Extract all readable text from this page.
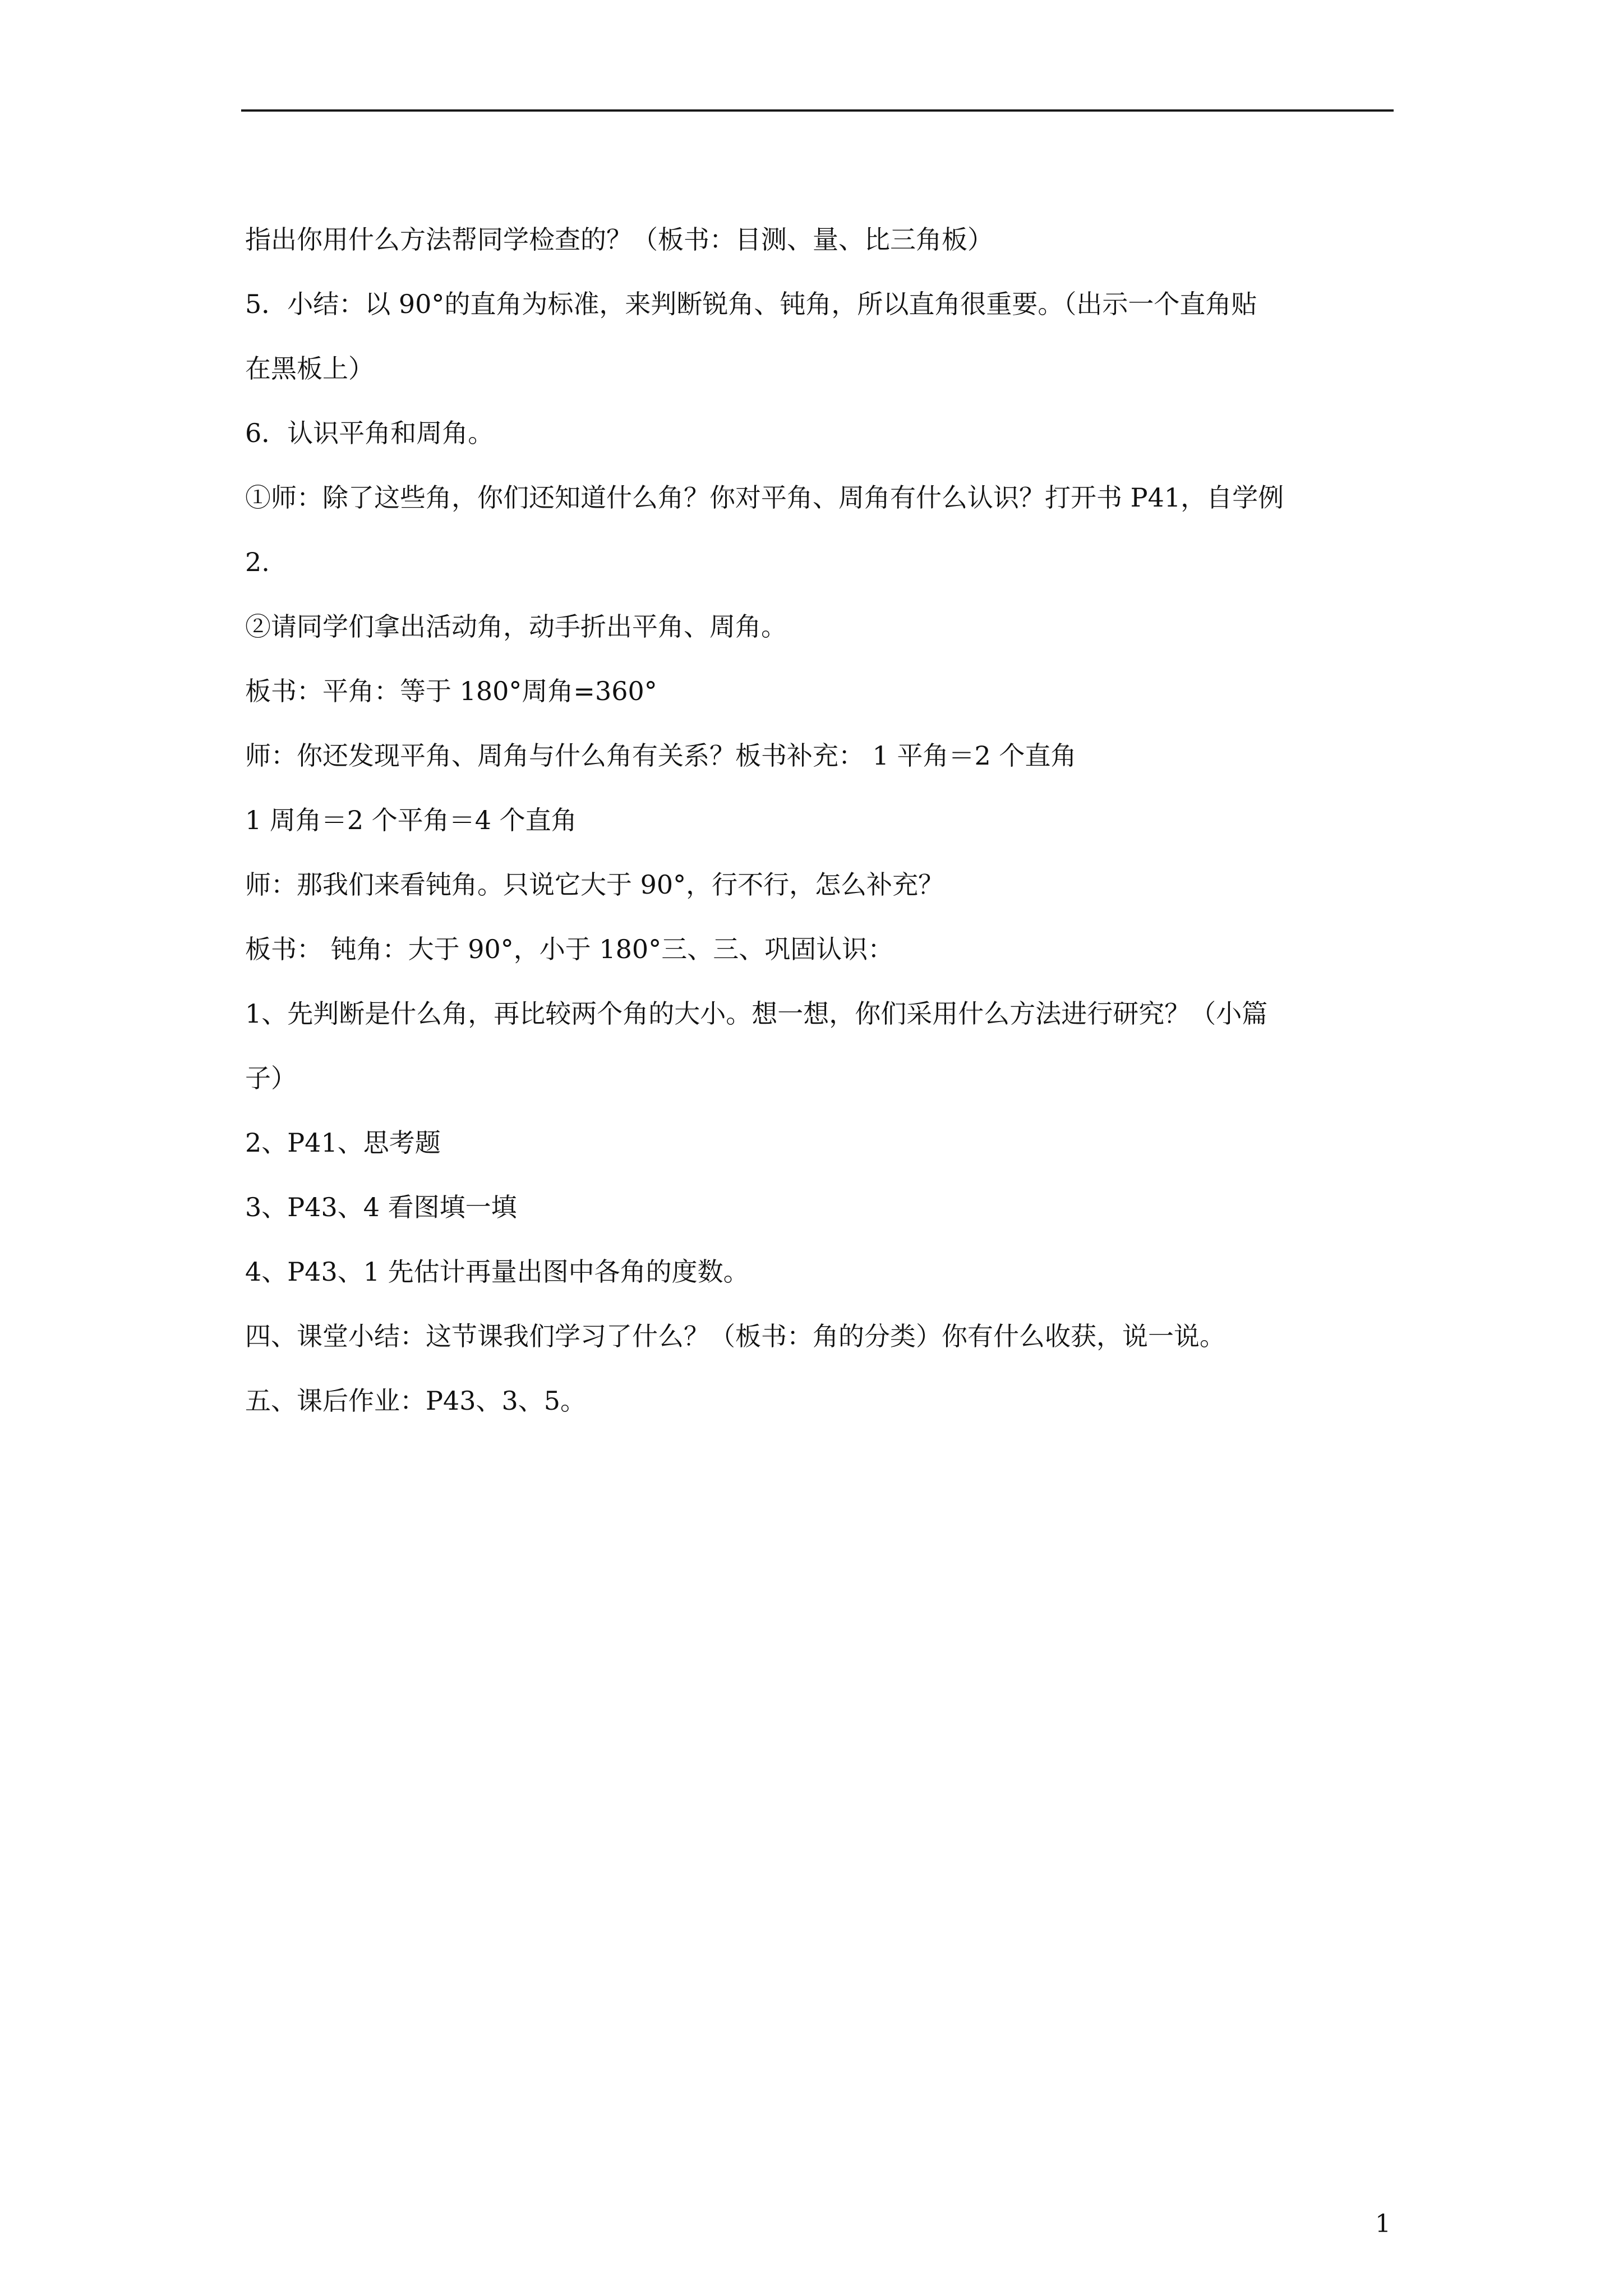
指出你用什么方法帮同学检查的？（板书：目测、量、比三角板）
5．小结：以 90°的直角为标准，来判断锐角、钝角，所以直角很重要。（出示一个直角贴
在黑板上）
6．认识平角和周角。
①师：除了这些角，你们还知道什么角？你对平角、周角有什么认识？打开书 P41，自学例
2.
②请同学们拿出活动角，动手折出平角、周角。
板书：平角：等于 180°周角=360°
师：你还发现平角、周角与什么角有关系？板书补充： 1 平角＝2 个直角
1 周角＝2 个平角＝4 个直角
师：那我们来看钝角。只说它大于 90°，行不行，怎么补充？
板书： 钝角：大于 90°，小于 180°三、三、巩固认识：
1、先判断是什么角，再比较两个角的大小。想一想，你们采用什么方法进行研究？（小篇
子）
2、P41、思考题
3、P43、4 看图填一填
4、P43、1 先估计再量出图中各角的度数。
四、课堂小结：这节课我们学习了什么？（板书：角的分类）你有什么收获，说一说。
五、课后作业：P43、3、5。
1
